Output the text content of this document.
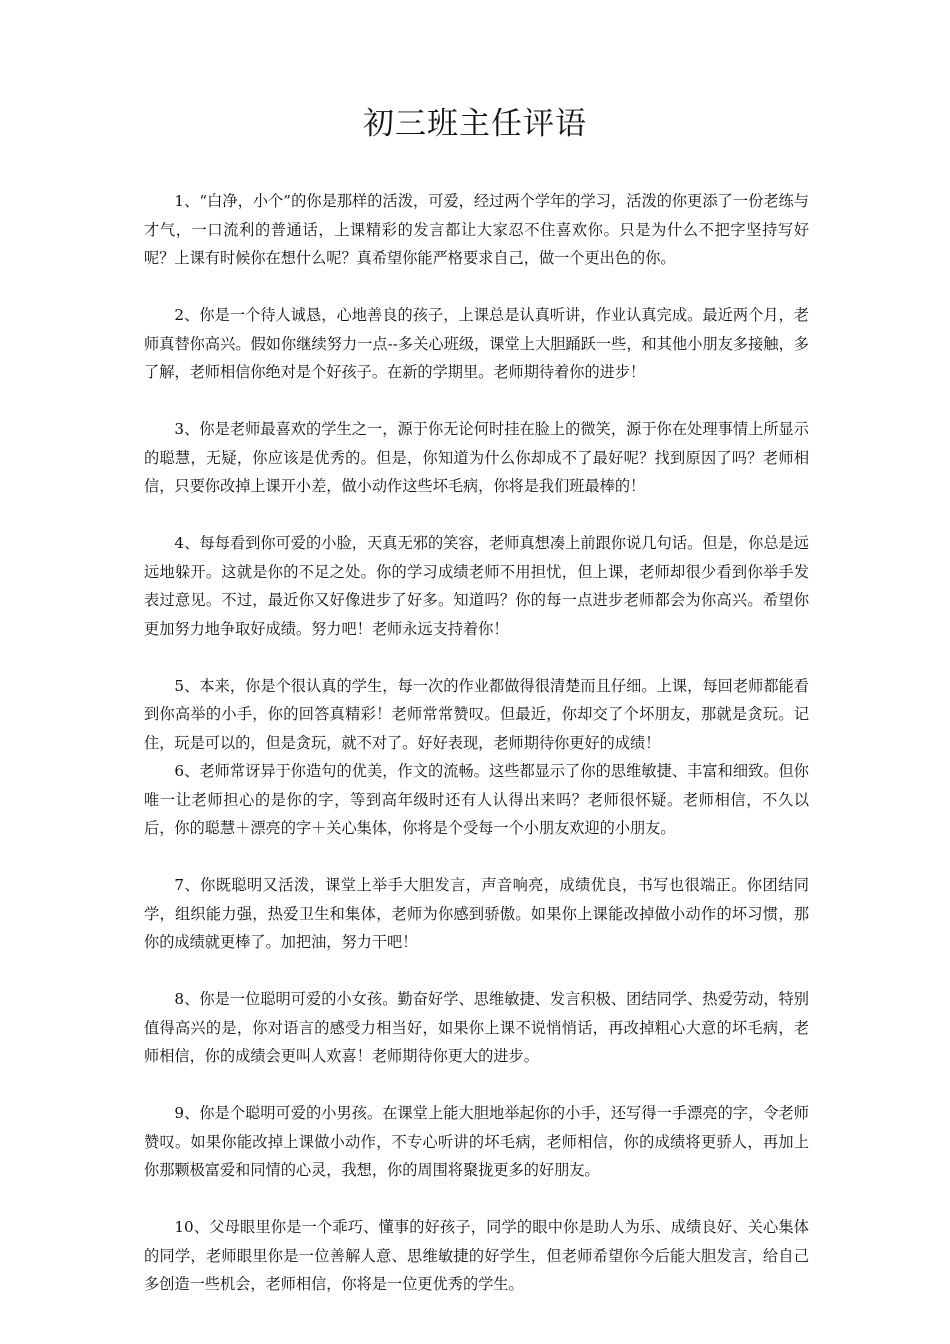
初三班主任评语

1、“白净，小个”的你是那样的活泼，可爱，经过两个学年的学习，活泼的你更添了一份老练与才气，一口流利的普通话，上课精彩的发言都让大家忍不住喜欢你。只是为什么不把字坚持写好呢？上课有时候你在想什么呢？真希望你能严格要求自己，做一个更出色的你。

2、你是一个待人诚恳，心地善良的孩子，上课总是认真听讲，作业认真完成。最近两个月，老师真替你高兴。假如你继续努力一点--多关心班级，课堂上大胆踊跃一些，和其他小朋友多接触，多了解，老师相信你绝对是个好孩子。在新的学期里。老师期待着你的进步！

3、你是老师最喜欢的学生之一，源于你无论何时挂在脸上的微笑，源于你在处理事情上所显示的聪慧，无疑，你应该是优秀的。但是，你知道为什么你却成不了最好呢？找到原因了吗？老师相信，只要你改掉上课开小差，做小动作这些坏毛病，你将是我们班最棒的！

4、每每看到你可爱的小脸，天真无邪的笑容，老师真想凑上前跟你说几句话。但是，你总是远远地躲开。这就是你的不足之处。你的学习成绩老师不用担忧，但上课，老师却很少看到你举手发表过意见。不过，最近你又好像进步了好多。知道吗？你的每一点进步老师都会为你高兴。希望你更加努力地争取好成绩。努力吧！老师永远支持着你！

5、本来，你是个很认真的学生，每一次的作业都做得很清楚而且仔细。上课，每回老师都能看到你高举的小手，你的回答真精彩！老师常常赞叹。但最近，你却交了个坏朋友，那就是贪玩。记住，玩是可以的，但是贪玩，就不对了。好好表现，老师期待你更好的成绩！

6、老师常讶异于你造句的优美，作文的流畅。这些都显示了你的思维敏捷、丰富和细致。但你唯一让老师担心的是你的字，等到高年级时还有人认得出来吗？老师很怀疑。老师相信，不久以后，你的聪慧＋漂亮的字＋关心集体，你将是个受每一个小朋友欢迎的小朋友。

7、你既聪明又活泼，课堂上举手大胆发言，声音响亮，成绩优良，书写也很端正。你团结同学，组织能力强，热爱卫生和集体，老师为你感到骄傲。如果你上课能改掉做小动作的坏习惯，那你的成绩就更棒了。加把油，努力干吧！

8、你是一位聪明可爱的小女孩。勤奋好学、思维敏捷、发言积极、团结同学、热爱劳动，特别值得高兴的是，你对语言的感受力相当好，如果你上课不说悄悄话，再改掉粗心大意的坏毛病，老师相信，你的成绩会更叫人欢喜！老师期待你更大的进步。

9、你是个聪明可爱的小男孩。在课堂上能大胆地举起你的小手，还写得一手漂亮的字，令老师赞叹。如果你能改掉上课做小动作，不专心听讲的坏毛病，老师相信，你的成绩将更骄人，再加上你那颗极富爱和同情的心灵，我想，你的周围将聚拢更多的好朋友。

10、父母眼里你是一个乖巧、懂事的好孩子，同学的眼中你是助人为乐、成绩良好、关心集体的同学，老师眼里你是一位善解人意、思维敏捷的好学生，但老师希望你今后能大胆发言，给自己多创造一些机会，老师相信，你将是一位更优秀的学生。
